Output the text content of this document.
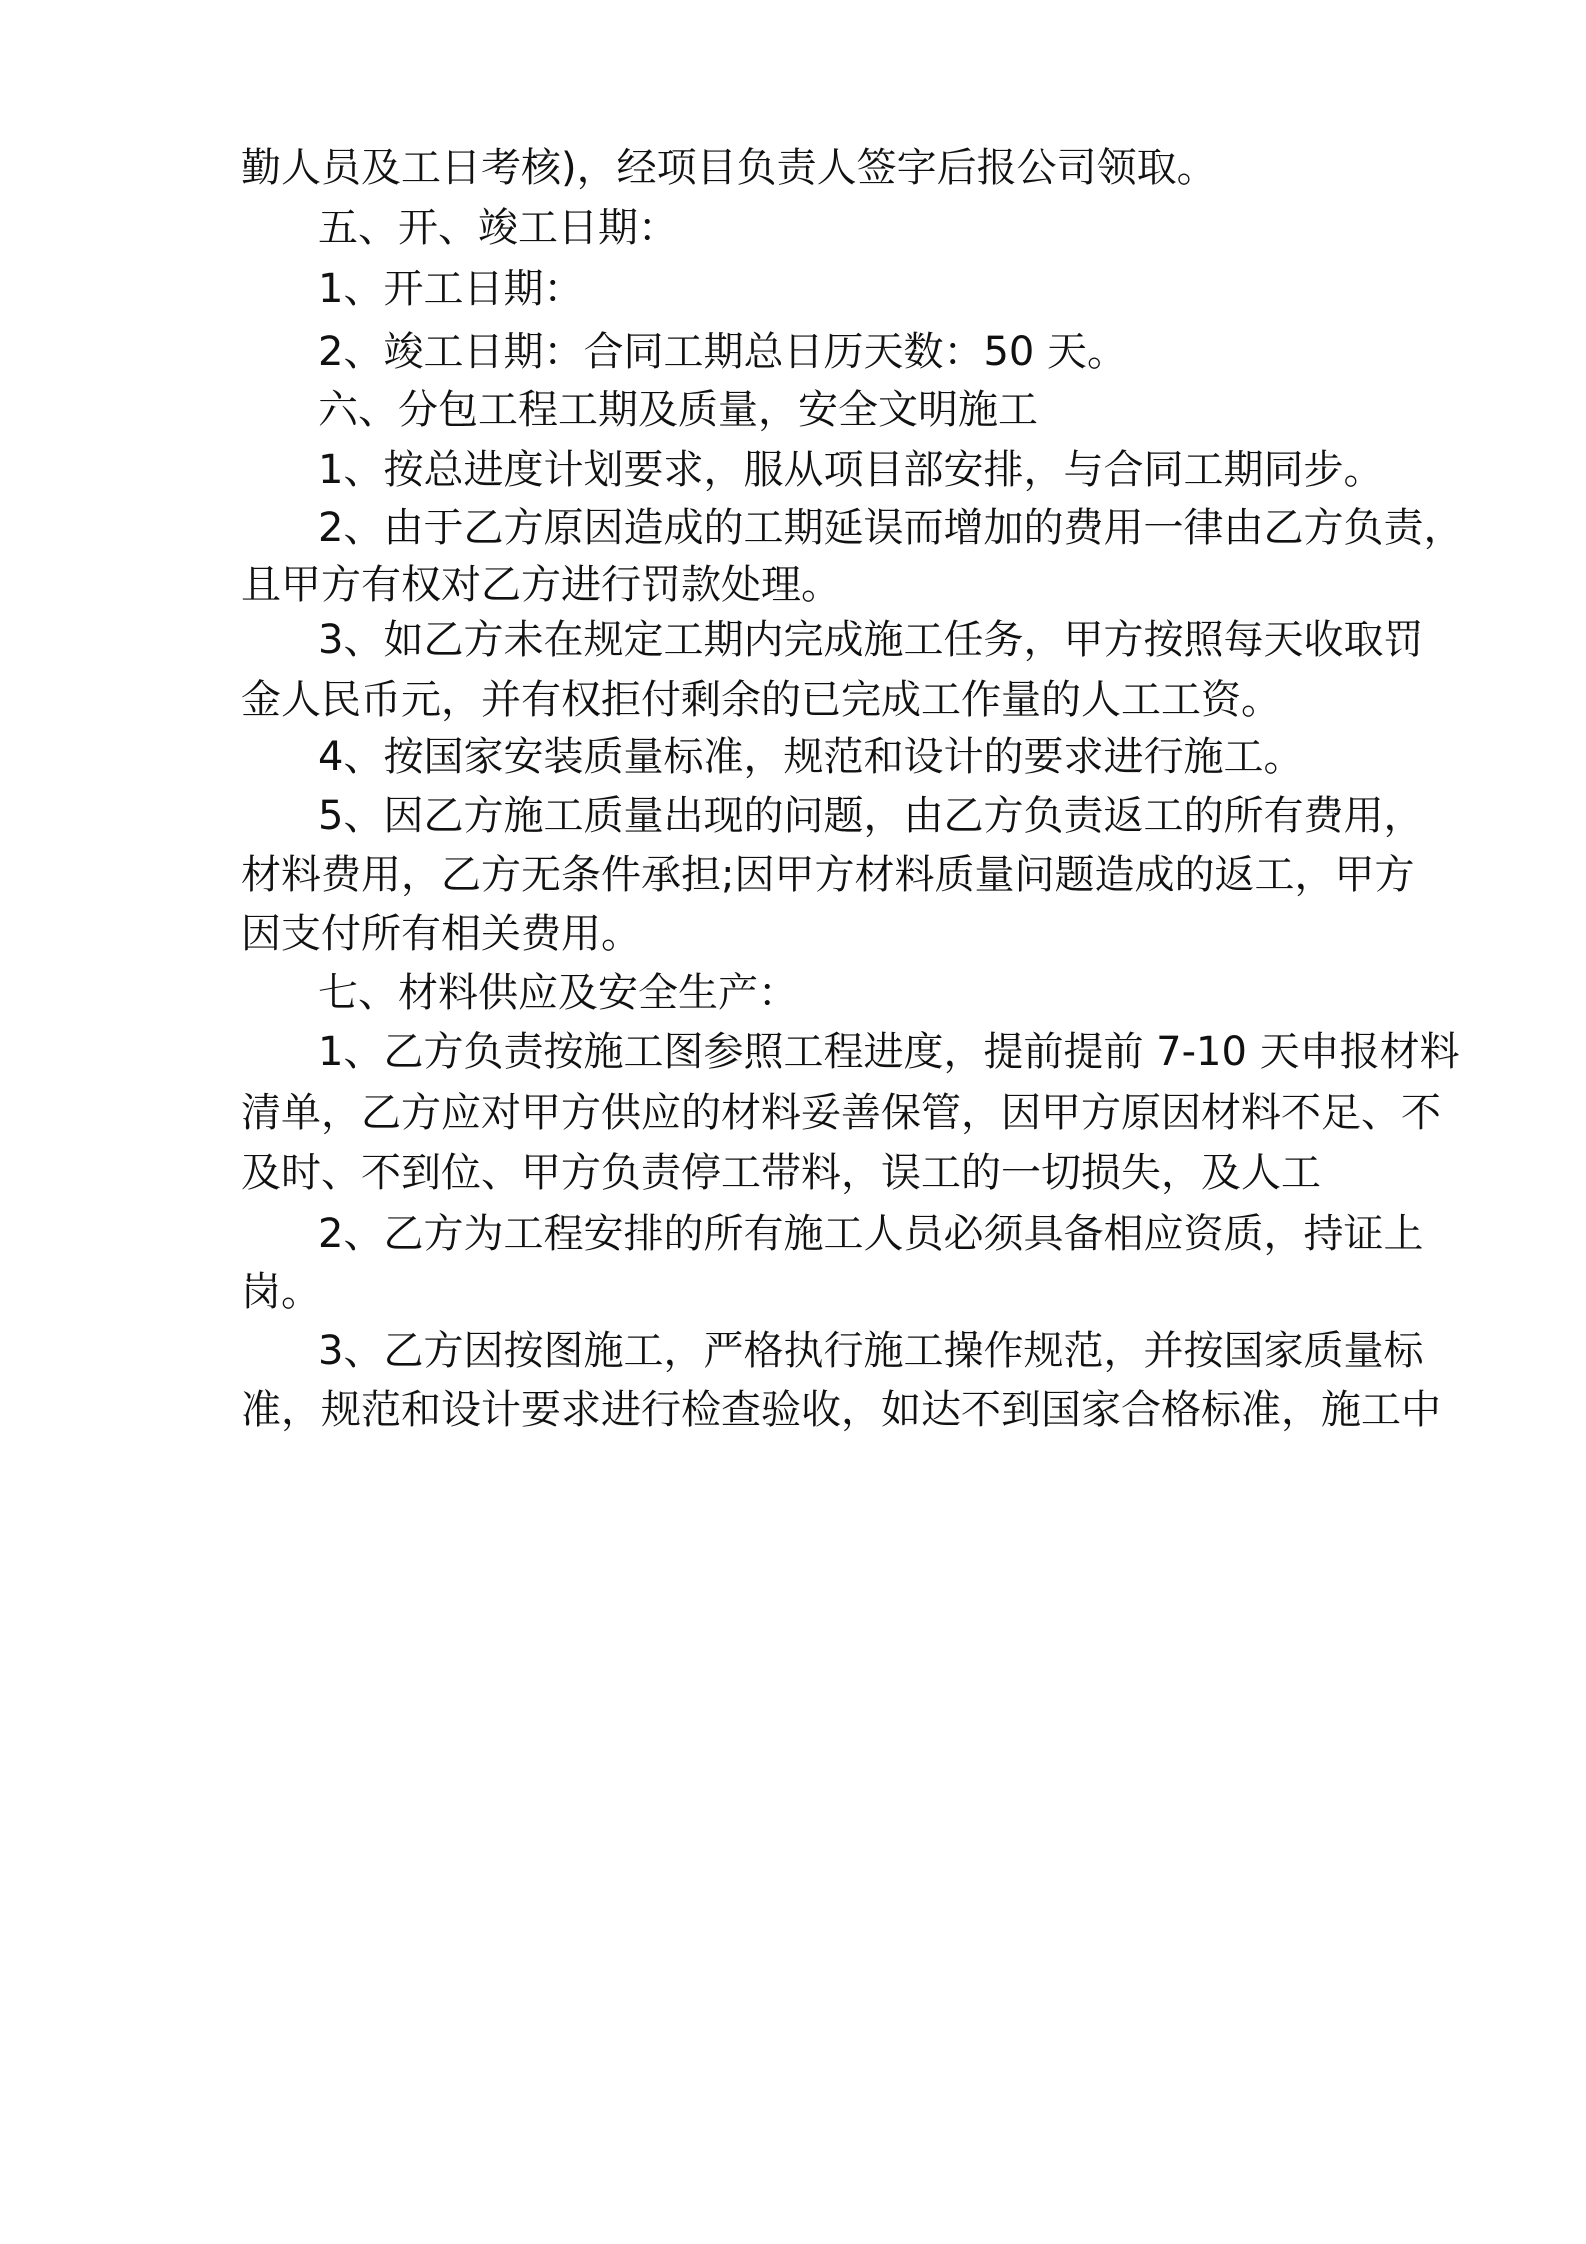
勤人员及工日考核)，经项目负责人签字后报公司领取。
五、开、竣工日期：
1、开工日期：
2、竣工日期：合同工期总日历天数：50 天。
六、分包工程工期及质量，安全文明施工
1、按总进度计划要求，服从项目部安排，与合同工期同步。
2、由于乙方原因造成的工期延误而增加的费用一律由乙方负责，
且甲方有权对乙方进行罚款处理。
3、如乙方未在规定工期内完成施工任务，甲方按照每天收取罚
金人民币元，并有权拒付剩余的已完成工作量的人工工资。
4、按国家安装质量标准，规范和设计的要求进行施工。
5、因乙方施工质量出现的问题，由乙方负责返工的所有费用，
材料费用，乙方无条件承担;因甲方材料质量问题造成的返工，甲方
因支付所有相关费用。
七、材料供应及安全生产：
1、乙方负责按施工图参照工程进度，提前提前 7-10 天申报材料
清单，乙方应对甲方供应的材料妥善保管，因甲方原因材料不足、不
及时、不到位、甲方负责停工带料，误工的一切损失，及人工
2、乙方为工程安排的所有施工人员必须具备相应资质，持证上
岗。
3、乙方因按图施工，严格执行施工操作规范，并按国家质量标
准，规范和设计要求进行检查验收，如达不到国家合格标准，施工中
